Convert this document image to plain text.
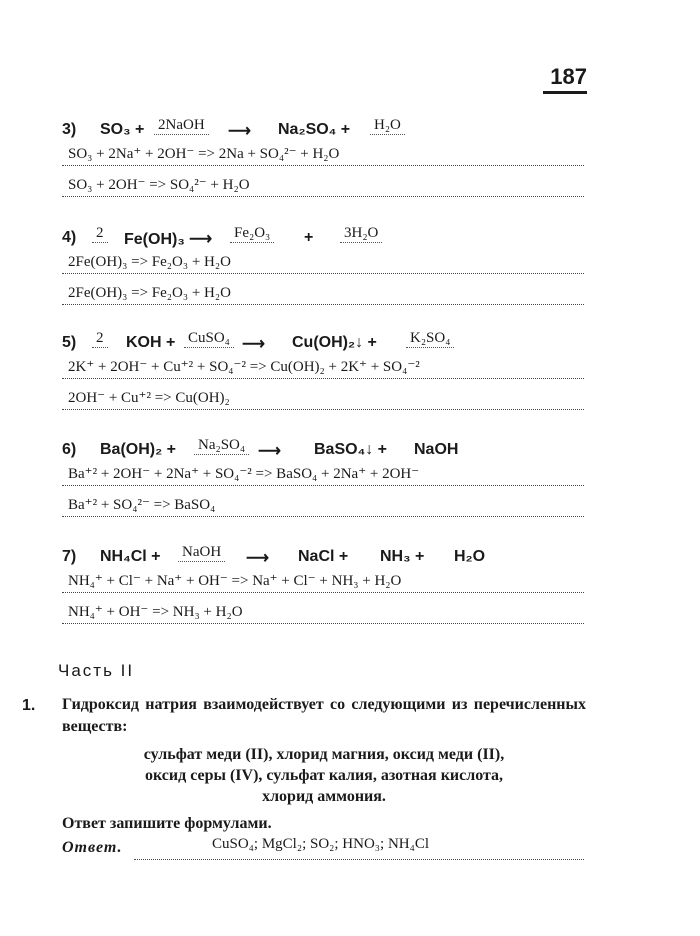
187
3) SO₃ + 2NaOH ⟶ Na₂SO₄ + H₂O
SO₃ + 2Na⁺ + 2OH⁻ => 2Na + SO₄²⁻ + H₂O
SO₃ + 2OH⁻ => SO₄²⁻ + H₂O
4) 2 Fe(OH)₃ ⟶ Fe₂O₃ + 3H₂O
2Fe(OH)₃ => Fe₂O₃ + H₂O
2Fe(OH)₃ => Fe₂O₃ + H₂O
5) 2 KOH + CuSO₄ ⟶ Cu(OH)₂↓ + K₂SO₄
2K⁺ + 2OH⁻ + Cu⁺² + SO₄⁻² => Cu(OH)₂ + 2K⁺ + SO₄⁻²
2OH⁻ + Cu⁺² => Cu(OH)₂
6) Ba(OH)₂ + Na₂SO₄ ⟶ BaSO₄↓ + NaOH
Ba⁺² + 2OH⁻ + 2Na⁺ + SO₄⁻² => BaSO₄ + 2Na⁺ + 2OH⁻
Ba⁺² + SO₄²⁻ => BaSO₄
7) NH₄Cl + NaOH ⟶ NaCl + NH₃ + H₂O
NH₄⁺ + Cl⁻ + Na⁺ + OH⁻ => Na⁺ + Cl⁻ + NH₃ + H₂O
NH₄⁺ + OH⁻ => NH₃ + H₂O
Часть II
1. Гидроксид натрия взаимодействует со следующими из перечисленных веществ:
сульфат меди (II), хлорид магния, оксид меди (II),
оксид серы (IV), сульфат калия, азотная кислота,
хлорид аммония.
Ответ запишите формулами.
Ответ.	CuSO₄; MgCl₂; SO₂; HNO₃; NH₄Cl
